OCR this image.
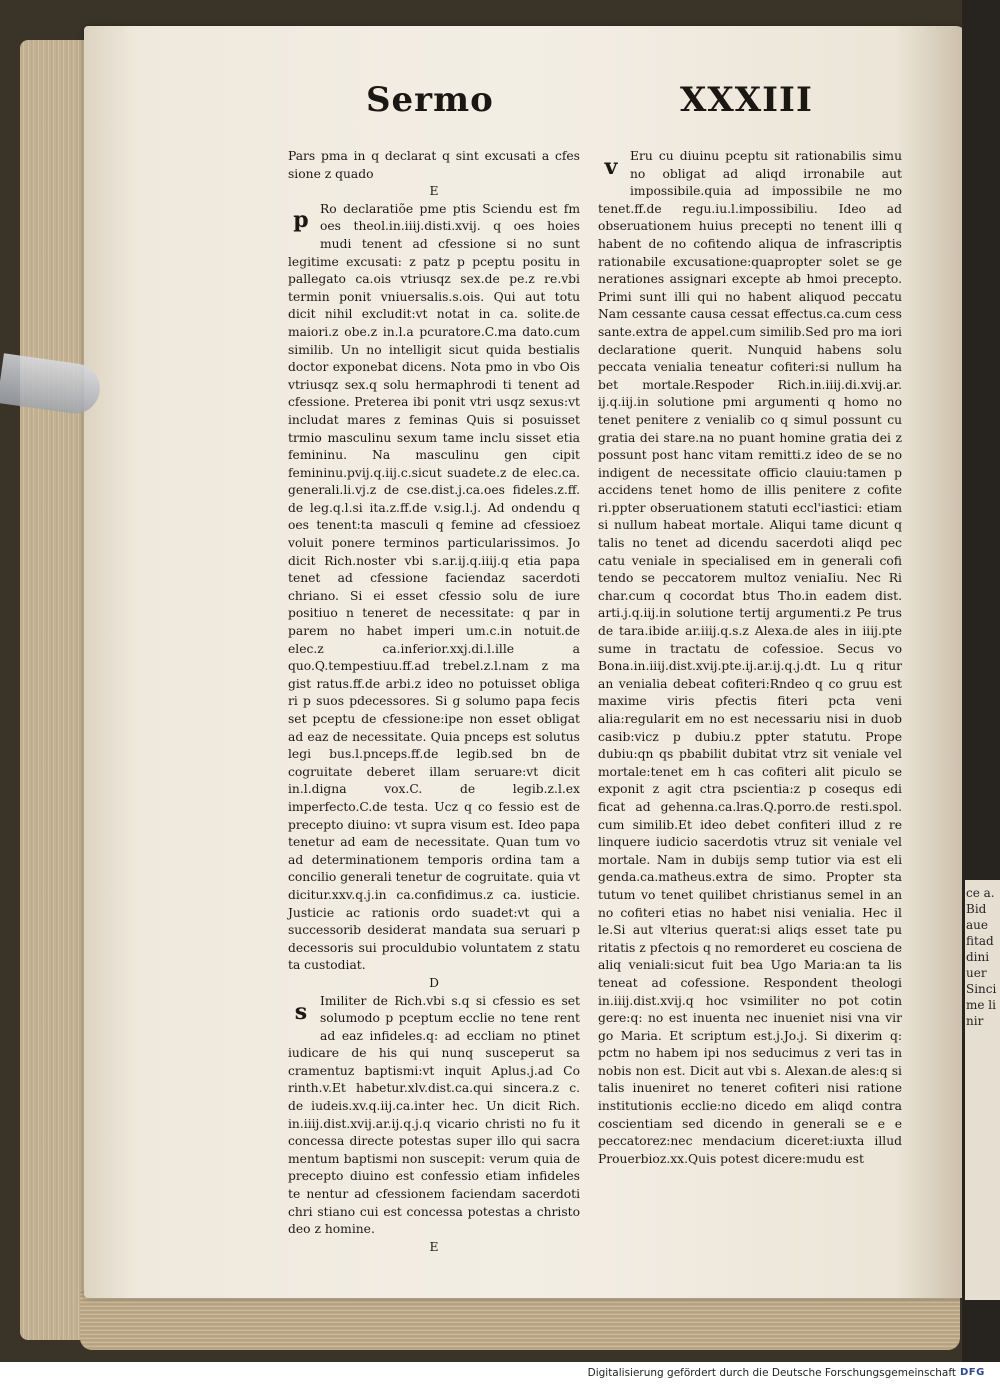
ce a. Bid aue fitad dini uer Sinci me li nir
Sermo	XXXIII

Pars pma in q declarat q sint excusati a cfes sione z quado

E

p Ro declaratiõe pme ptis Sciendu est fm oes theol.in.iiij.disti.xvij. q oes hoies mudi tenent ad cfessione si no sunt legitime excusati: z patz p pceptu positu in pallegato ca.ois vtriusqz sex.de pe.z re.vbi termin ponit vniuersalis.s.ois. Qui aut totu dicit nihil excludit:vt notat in ca. solite.de maiori.z obe.z in.l.a pcuratore.C.ma dato.cum similib. Un no intelligit sicut quida bestialis doctor exponebat dicens. Nota pmo in vbo Ois vtriusqz sex.q solu hermaphrodi ti tenent ad cfessione. Preterea ibi ponit vtri usqz sexus:vt includat mares z feminas Quis si posuisset trmio masculinu sexum tame inclu sisset etia femininu. Na masculinu gen cipit femininu.pvij.q.iij.c.sicut suadete.z de elec.ca. generali.li.vj.z de cse.dist.j.ca.oes fideles.z.ff. de leg.q.l.si ita.z.ff.de v.sig.l.j. Ad ondendu q oes tenent:ta masculi q femine ad cfessioez voluit ponere terminos particularissimos. Jo dicit Rich.noster vbi s.ar.ij.q.iiij.q etia papa tenet ad cfessione faciendaz sacerdoti chriano. Si ei esset cfessio solu de iure positiuo n teneret de necessitate: q par in parem no habet imperi um.c.in notuit.de elec.z ca.inferior.xxj.di.l.ille a quo.Q.tempestiuu.ff.ad trebel.z.l.nam z ma gist ratus.ff.de arbi.z ideo no potuisset obliga ri p suos pdecessores. Si g solumo papa fecis set pceptu de cfessione:ipe non esset obligat ad eaz de necessitate. Quia pnceps est solutus legi bus.l.pnceps.ff.de legib.sed bn de cogruitate deberet illam seruare:vt dicit in.l.digna vox.C. de legib.z.l.ex imperfecto.C.de testa. Ucz q co fessio est de precepto diuino: vt supra visum est. Ideo papa tenetur ad eam de necessitate. Quan tum vo ad determinationem temporis ordina tam a concilio generali tenetur de cogruitate. quia vt dicitur.xxv.q.j.in ca.confidimus.z ca. iusticie. Justicie ac rationis ordo suadet:vt qui a successorib desiderat mandata sua seruari p decessoris sui proculdubio voluntatem z statu ta custodiat.

D

s	Imiliter de Rich.vbi s.q si cfessio es set solumodo p pceptum ecclie no tene rent ad eaz infideles.q: ad eccliam no ptinet iudicare de his qui nunq susceperut sa cramentuz baptismi:vt inquit Aplus.j.ad Co rinth.v.Et habetur.xlv.dist.ca.qui sincera.z c. de iudeis.xv.q.iij.ca.inter hec. Un dicit Rich. in.iiij.dist.xvij.ar.ij.q.j.q vicario christi no fu it concessa directe potestas super illo qui sacra mentum baptismi non suscepit: verum quia de precepto diuino est confessio etiam infideles te nentur ad cfessionem faciendam sacerdoti chri stiano cui est concessa potestas a christo deo z homine.

E

v	Eru cu diuinu pceptu sit rationabilis simu no obligat ad aliqd irronabile aut impossibile.quia ad impossibile ne mo tenet.ff.de regu.iu.l.impossibiliu. Ideo ad obseruationem huius precepti no tenent illi q habent de no cofitendo aliqua de infrascriptis rationabile excusatione:quapropter solet se ge nerationes assignari excepte ab hmoi precepto. Primi sunt illi qui no habent aliquod peccatu Nam cessante causa cessat effectus.ca.cum cess sante.extra de appel.cum similib.Sed pro ma iori declaratione querit. Nunquid habens solu peccata venialia teneatur cofiteri:si nullum ha bet mortale.Respoder Rich.in.iiij.di.xvij.ar. ij.q.iij.in solutione pmi argumenti q homo no tenet penitere z venialib co q simul possunt cu gratia dei stare.na no puant homine gratia dei z possunt post hanc vitam remitti.z ideo de se no indigent de necessitate officio clauiu:tamen p accidens tenet homo de illis penitere z cofite ri.ppter obseruationem statuti eccl'iastici: etiam si nullum habeat mortale. Aliqui tame dicunt q talis no tenet ad dicendu sacerdoti aliqd pec catu veniale in specialised em in generali cofi tendo se peccatorem multoz veniaIiu. Nec Ri char.cum q cocordat btus Tho.in eadem dist. arti.j.q.iij.in solutione tertij argumenti.z Pe trus de tara.ibide ar.iiij.q.s.z Alexa.de ales in iiij.pte sume in tractatu de cofessioe. Secus vo Bona.in.iiij.dist.xvij.pte.ij.ar.ij.q.j.dt. Lu q ritur an venialia debeat cofiteri:Rndeo q co gruu est maxime viris pfectis fiteri pcta veni alia:regularit em no est necessariu nisi in duob casib:vicz p dubiu.z ppter statutu. Prope dubiu:qn qs pbabilit dubitat vtrz sit veniale vel mortale:tenet em h cas cofiteri alit piculo se exponit z agit ctra pscientia:z p cosequs edi ficat ad gehenna.ca.lras.Q.porro.de resti.spol. cum similib.Et ideo debet confiteri illud z re linquere iudicio sacerdotis vtruz sit veniale vel mortale. Nam in dubijs semp tutior via est eli genda.ca.matheus.extra de simo. Propter sta tutum vo tenet quilibet christianus semel in an no cofiteri etias no habet nisi venialia. Hec il le.Si aut vlterius querat:si aliqs esset tate pu ritatis z pfectois q no remorderet eu cosciena de aliq veniali:sicut fuit bea Ugo Maria:an ta lis teneat ad cofessione. Respondent theologi in.iiij.dist.xvij.q hoc vsimiliter no pot cotin gere:q: no est inuenta nec inueniet nisi vna vir go Maria. Et scriptum est.j.Jo.j. Si dixerim q: pctm no habem ipi nos seducimus z veri tas in nobis non est. Dicit aut vbi s. Alexan.de ales:q si talis inueniret no teneret cofiteri nisi ratione institutionis ecclie:no dicedo em aliqd contra coscientiam sed dicendo in generali se e e peccatorez:nec mendacium diceret:iuxta illud Prouerbioz.xx.Quis potest dicere:mudu est

Digitalisierung gefördert durch die Deutsche Forschungsgemeinschaft DFG
